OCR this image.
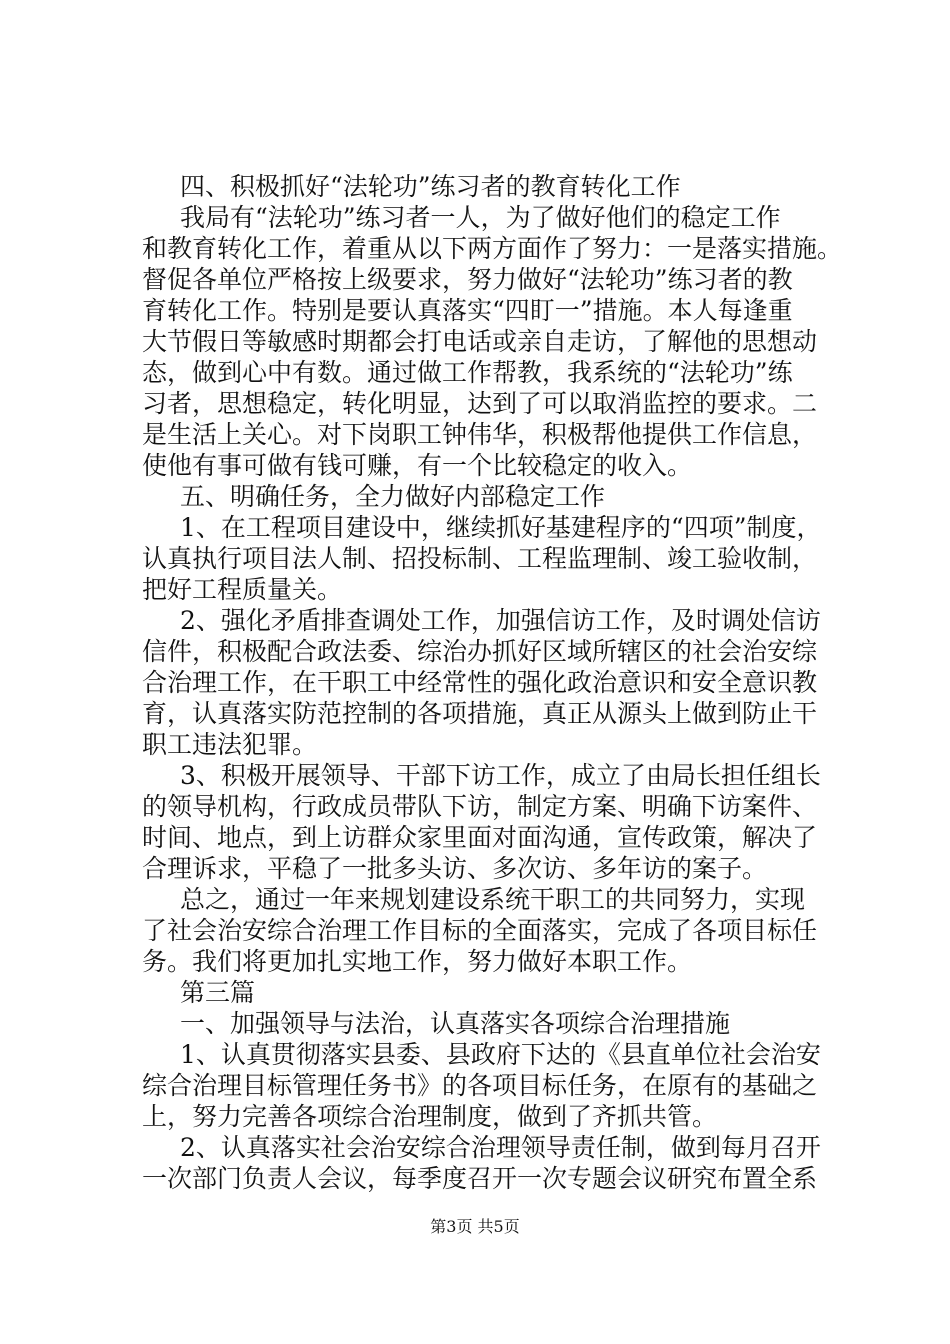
四、积极抓好“法轮功”练习者的教育转化工作
我局有“法轮功”练习者一人，为了做好他们的稳定工作
和教育转化工作，着重从以下两方面作了努力：一是落实措施。
督促各单位严格按上级要求，努力做好“法轮功”练习者的教
育转化工作。特别是要认真落实“四盯一”措施。本人每逢重
大节假日等敏感时期都会打电话或亲自走访，了解他的思想动
态，做到心中有数。通过做工作帮教，我系统的“法轮功”练
习者，思想稳定，转化明显，达到了可以取消监控的要求。二
是生活上关心。对下岗职工钟伟华，积极帮他提供工作信息，
使他有事可做有钱可赚，有一个比较稳定的收入。
五、明确任务，全力做好内部稳定工作
1、在工程项目建设中，继续抓好基建程序的“四项”制度，
认真执行项目法人制、招投标制、工程监理制、竣工验收制，
把好工程质量关。
2、强化矛盾排查调处工作，加强信访工作，及时调处信访
信件，积极配合政法委、综治办抓好区域所辖区的社会治安综
合治理工作，在干职工中经常性的强化政治意识和安全意识教
育，认真落实防范控制的各项措施，真正从源头上做到防止干
职工违法犯罪。
3、积极开展领导、干部下访工作，成立了由局长担任组长
的领导机构，行政成员带队下访，制定方案、明确下访案件、
时间、地点，到上访群众家里面对面沟通，宣传政策，解决了
合理诉求，平稳了一批多头访、多次访、多年访的案子。
总之，通过一年来规划建设系统干职工的共同努力，实现
了社会治安综合治理工作目标的全面落实，完成了各项目标任
务。我们将更加扎实地工作，努力做好本职工作。
第三篇
一、加强领导与法治，认真落实各项综合治理措施
1、认真贯彻落实县委、县政府下达的《县直单位社会治安
综合治理目标管理任务书》的各项目标任务，在原有的基础之
上，努力完善各项综合治理制度，做到了齐抓共管。
2、认真落实社会治安综合治理领导责任制，做到每月召开
一次部门负责人会议，每季度召开一次专题会议研究布置全系
第3页 共5页
